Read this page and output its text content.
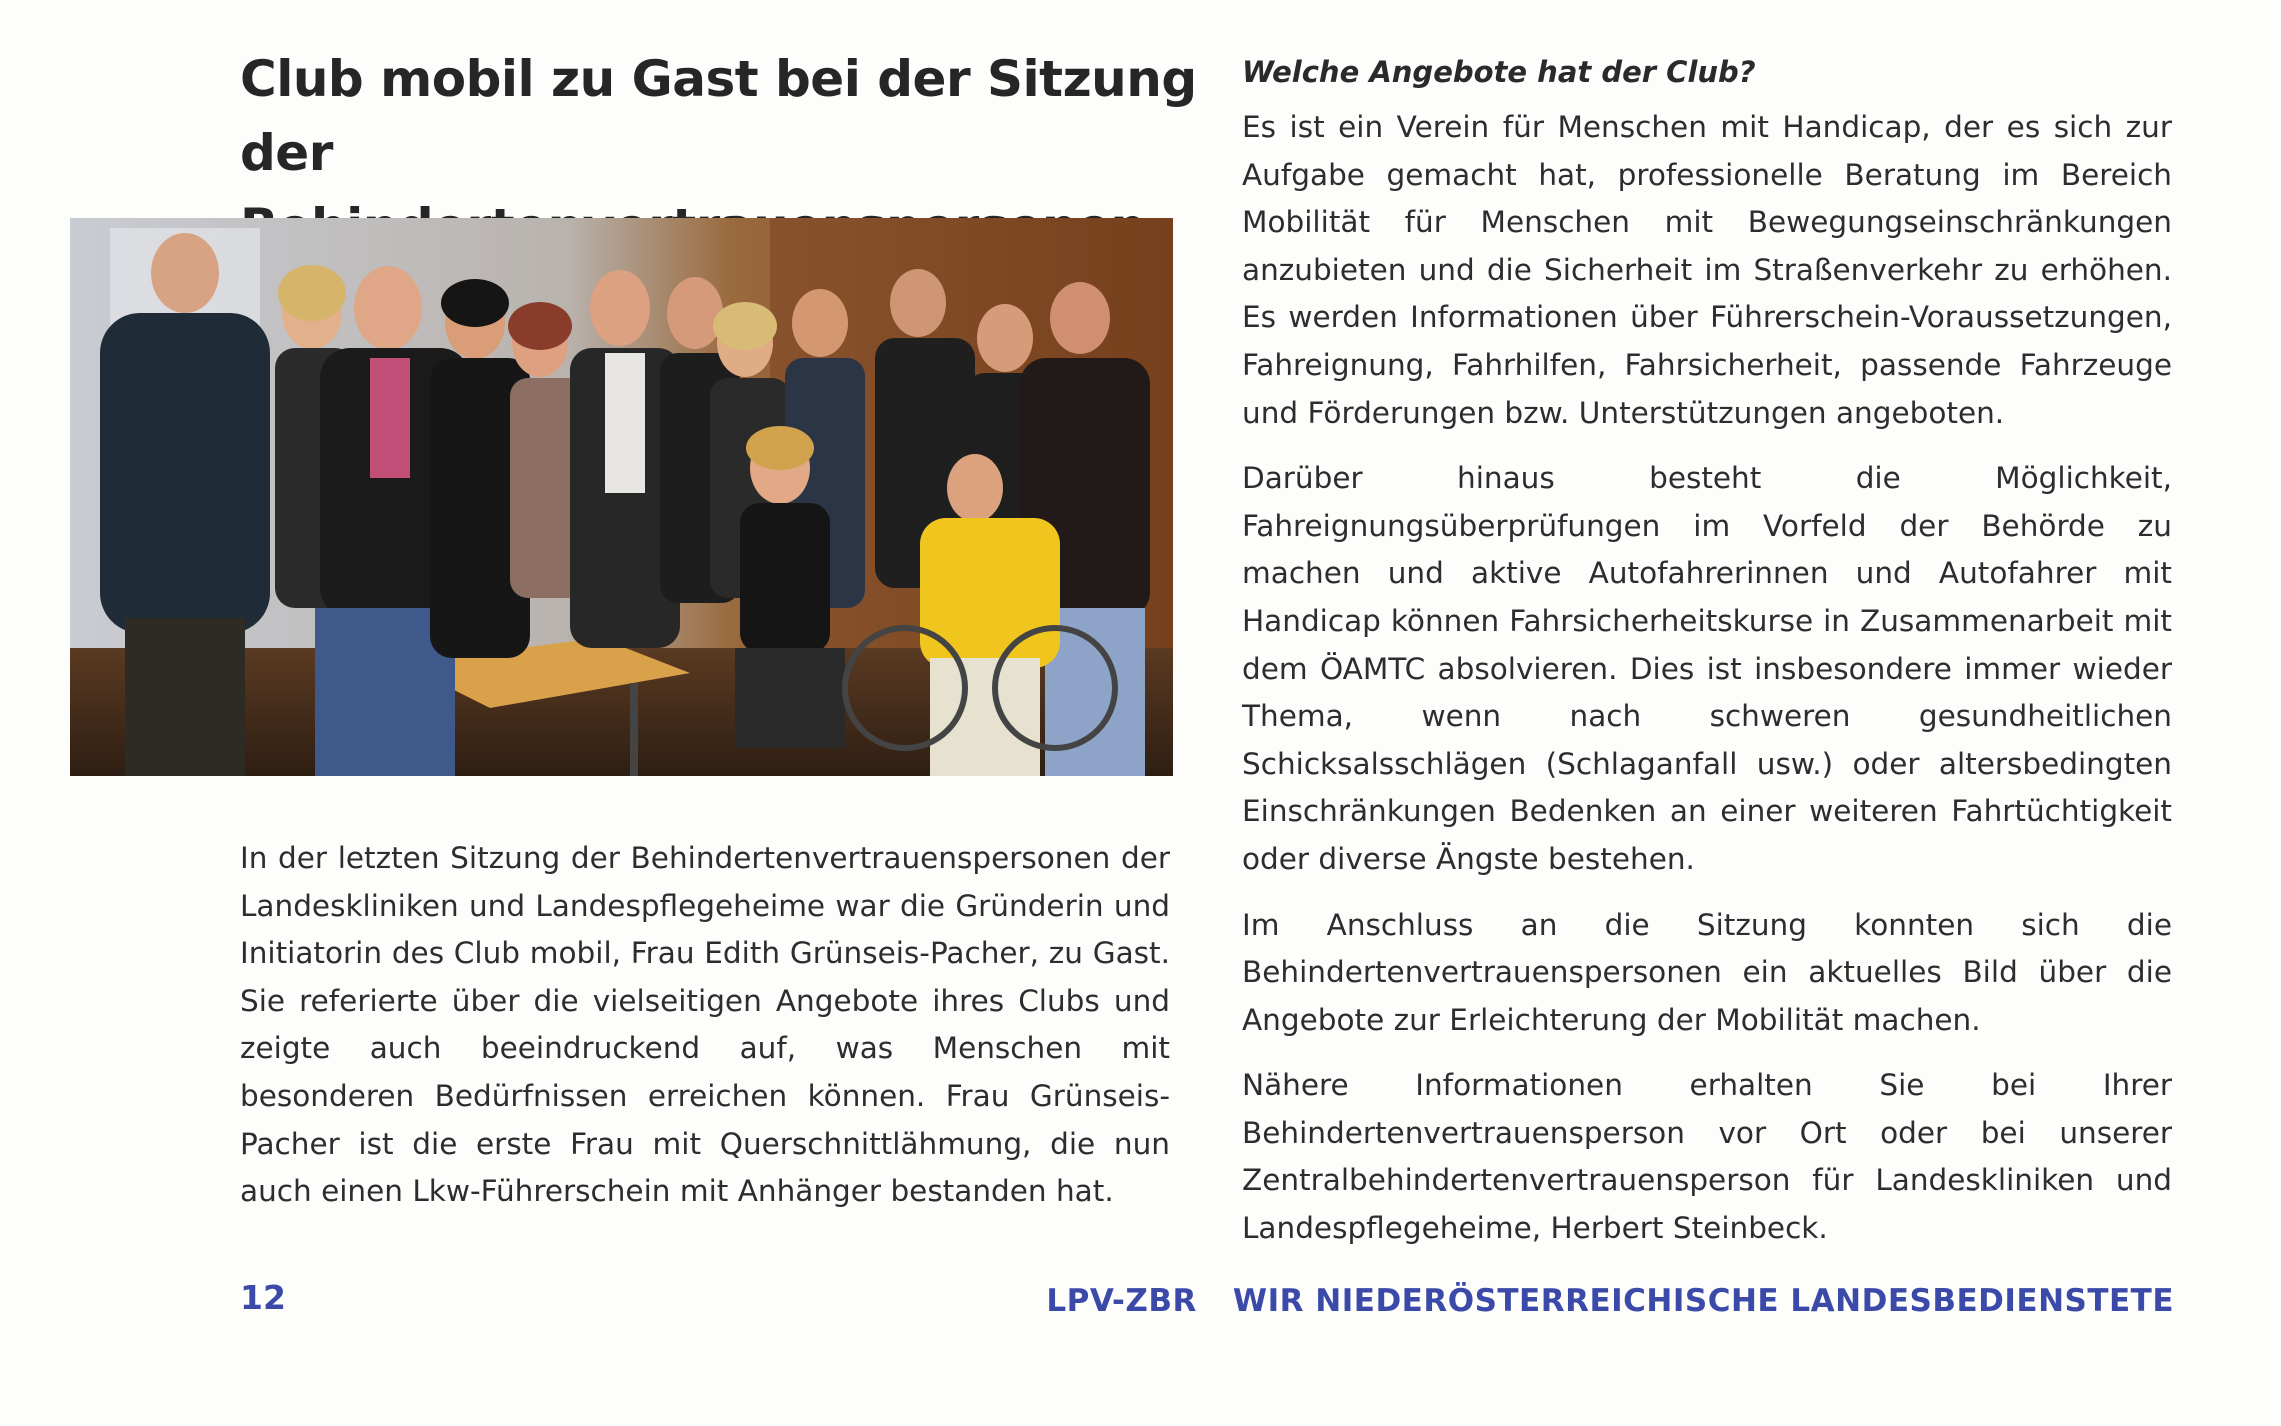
Club mobil zu Gast bei der Sitzung
der

In der letzten Sitzung der Behindertenvertrauenspersonen der Landeskliniken und Landespflegeheime war die Gründerin und Initiatorin des Club mobil, Frau Edith Grünseis-Pacher, zu Gast. Sie referierte über die vielseitigen Angebote ihres Clubs und zeigte auch beeindruckend auf, was Menschen mit besonderen Bedürfnissen erreichen können. Frau Grünseis-Pacher ist die erste Frau mit Querschnittlähmung, die nun auch einen Lkw-Führerschein mit Anhänger bestanden hat.

Welche Angebote hat der Club?

Es ist ein Verein für Menschen mit Handicap, der es sich zur Aufgabe gemacht hat, professionelle Beratung im Bereich Mobilität für Menschen mit Bewegungseinschränkungen anzubieten und die Sicherheit im Straßenverkehr zu erhöhen. Es werden Informationen über Führerschein-Voraussetzungen, Fahreignung, Fahrhilfen, Fahrsicherheit, passende Fahrzeuge und Förderungen bzw. Unterstützungen angeboten.

Darüber hinaus besteht die Möglichkeit, Fahreignungsüberprüfungen im Vorfeld der Behörde zu machen und aktive Autofahrerinnen und Autofahrer mit Handicap können Fahrsicherheitskurse in Zusammenarbeit mit dem ÖAMTC absolvieren. Dies ist insbesondere immer wieder Thema, wenn nach schweren gesundheitlichen Schicksalsschlägen (Schlaganfall usw.) oder altersbedingten Einschränkungen Bedenken an einer weiteren Fahrtüchtigkeit oder diverse Ängste bestehen.

Im Anschluss an die Sitzung konnten sich die Behindertenvertrauenspersonen ein aktuelles Bild über die Angebote zur Erleichterung der Mobilität machen.

Nähere Informationen erhalten Sie bei Ihrer Behindertenvertrauensperson vor Ort oder bei unserer Zentralbehindertenvertrauensperson für Landeskliniken und Landespflegeheime, Herbert Steinbeck.

12	LPV-ZBR WIR NIEDERÖSTERREICHISCHE LANDESBEDIENSTETE
